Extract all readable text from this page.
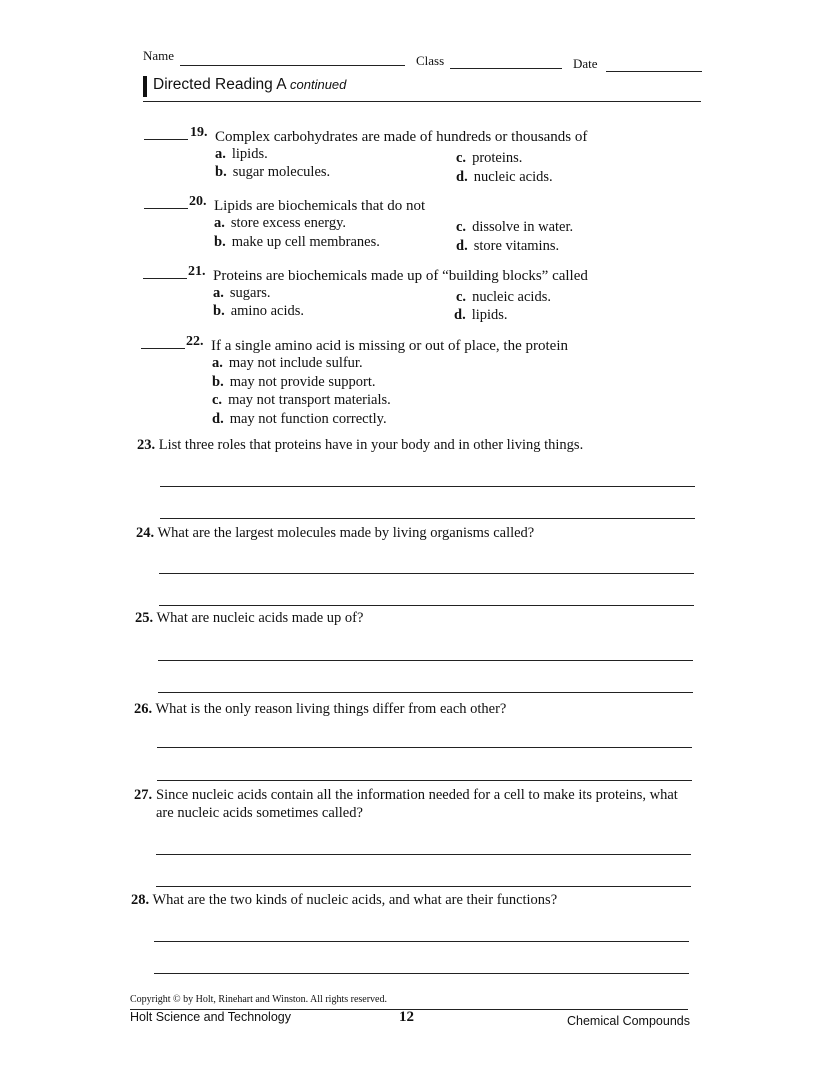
Name	Class	Date
Directed Reading A continued
19. Complex carbohydrates are made of hundreds or thousands of
a. lipids.
b. sugar molecules.
c. proteins.
d. nucleic acids.
20. Lipids are biochemicals that do not
a. store excess energy.
b. make up cell membranes.
c. dissolve in water.
d. store vitamins.
21. Proteins are biochemicals made up of “building blocks” called
a. sugars.
b. amino acids.
c. nucleic acids.
d. lipids.
22. If a single amino acid is missing or out of place, the protein
a. may not include sulfur.
b. may not provide support.
c. may not transport materials.
d. may not function correctly.
23. List three roles that proteins have in your body and in other living things.
24. What are the largest molecules made by living organisms called?
25. What are nucleic acids made up of?
26. What is the only reason living things differ from each other?
27. Since nucleic acids contain all the information needed for a cell to make its proteins, what are nucleic acids sometimes called?
28. What are the two kinds of nucleic acids, and what are their functions?
Copyright © by Holt, Rinehart and Winston. All rights reserved.
Holt Science and Technology	12	Chemical Compounds
